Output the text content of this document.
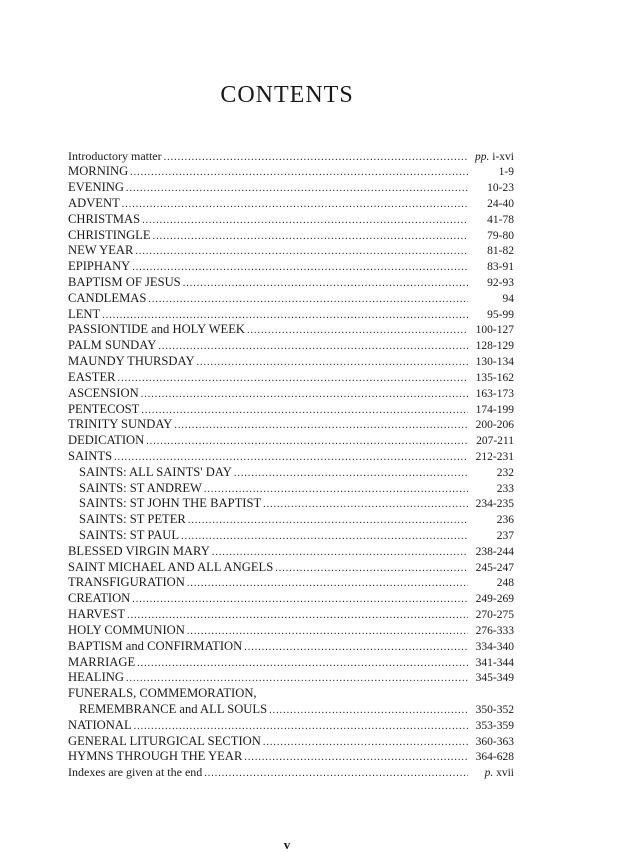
CONTENTS
Introductory matter .....	pp. i-xvi
MORNING .....	1-9
EVENING .....	10-23
ADVENT .....	24-40
CHRISTMAS .....	41-78
CHRISTINGLE .....	79-80
NEW YEAR .....	81-82
EPIPHANY .....	83-91
BAPTISM OF JESUS .....	92-93
CANDLEMAS .....	94
LENT .....	95-99
PASSIONTIDE and HOLY WEEK .....	100-127
PALM SUNDAY .....	128-129
MAUNDY THURSDAY .....	130-134
EASTER .....	135-162
ASCENSION .....	163-173
PENTECOST .....	174-199
TRINITY SUNDAY .....	200-206
DEDICATION .....	207-211
SAINTS .....	212-231
SAINTS: ALL SAINTS' DAY .....	232
SAINTS: ST ANDREW .....	233
SAINTS: ST JOHN THE BAPTIST .....	234-235
SAINTS: ST PETER .....	236
SAINTS: ST PAUL .....	237
BLESSED VIRGIN MARY .....	238-244
SAINT MICHAEL AND ALL ANGELS .....	245-247
TRANSFIGURATION .....	248
CREATION .....	249-269
HARVEST .....	270-275
HOLY COMMUNION .....	276-333
BAPTISM and CONFIRMATION .....	334-340
MARRIAGE .....	341-344
HEALING .....	345-349
FUNERALS, COMMEMORATION,
REMEMBRANCE and ALL SOULS .....	350-352
NATIONAL .....	353-359
GENERAL LITURGICAL SECTION .....	360-363
HYMNS THROUGH THE YEAR .....	364-628
Indexes are given at the end .....	p. xvii
v
